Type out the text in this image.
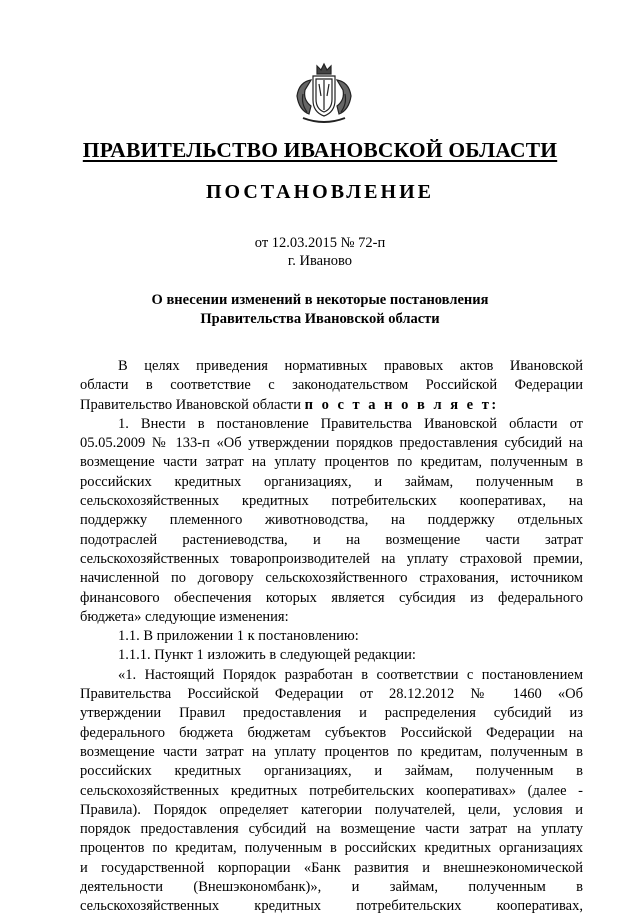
ПРАВИТЕЛЬСТВО ИВАНОВСКОЙ ОБЛАСТИ
ПОСТАНОВЛЕНИЕ
от 12.03.2015 № 72-п
г. Иваново
О внесении изменений в некоторые постановления
Правительства Ивановской области
В целях приведения нормативных правовых актов Ивановской
области в соответствие с законодательством Российской Федерации
Правительство Ивановской области п о с т а н о в л я е т:
1. Внести в постановление Правительства Ивановской области от
05.05.2009 № 133-п «Об утверждении порядков предоставления субсидий на
возмещение части затрат на уплату процентов по кредитам, полученным в
российских кредитных организациях, и займам, полученным в
сельскохозяйственных кредитных потребительских кооперативах, на
поддержку племенного животноводства, на поддержку отдельных
подотраслей растениеводства, и на возмещение части затрат
сельскохозяйственных товаропроизводителей на уплату страховой премии,
начисленной по договору сельскохозяйственного страхования, источником
финансового обеспечения которых является субсидия из федерального
бюджета» следующие изменения:
1.1. В приложении 1 к постановлению:
1.1.1. Пункт 1 изложить в следующей редакции:
«1. Настоящий Порядок разработан в соответствии с постановлением
Правительства Российской Федерации от 28.12.2012 № 1460 «Об
утверждении Правил предоставления и распределения субсидий из
федерального бюджета бюджетам субъектов Российской Федерации на
возмещение части затрат на уплату процентов по кредитам, полученным в
российских кредитных организациях, и займам, полученным в
сельскохозяйственных кредитных потребительских кооперативах» (далее -
Правила). Порядок определяет категории получателей, цели, условия и
порядок предоставления субсидий на возмещение части затрат на уплату
процентов по кредитам, полученным в российских кредитных организациях
и государственной корпорации «Банк развития и внешнеэкономической
деятельности (Внешэкономбанк)», и займам, полученным в
сельскохозяйственных кредитных потребительских кооперативах,
